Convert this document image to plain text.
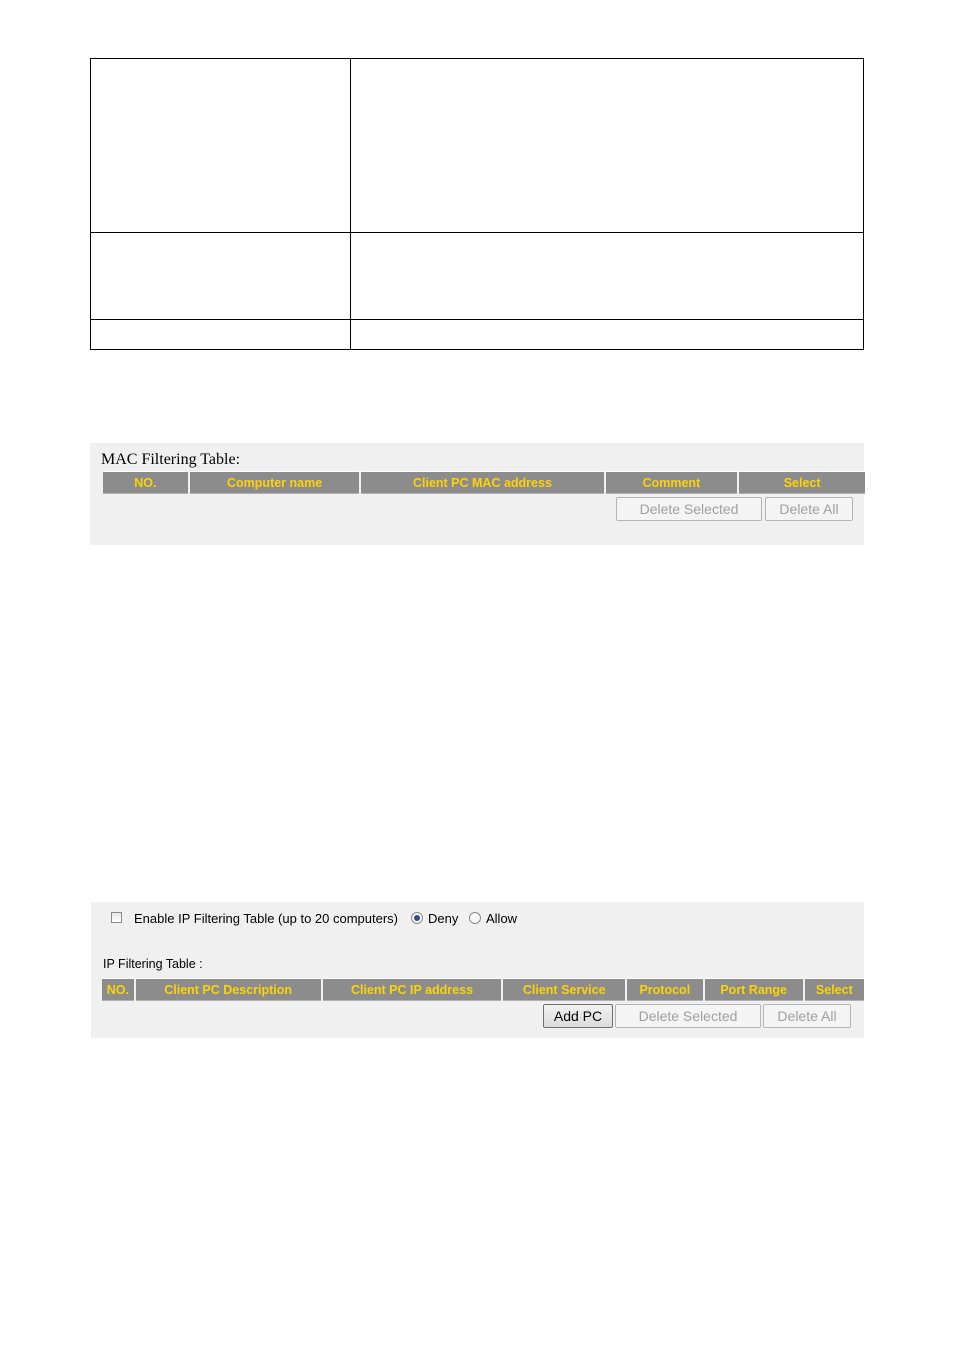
MAC Filtering Table:
NO.	Computer name	Client PC MAC address	Comment	Select
Delete Selected	Delete All
Enable IP Filtering Table (up to 20 computers) Deny Allow
IP Filtering Table :
NO.	Client PC Description	Client PC IP address	Client Service	Protocol	Port Range	Select
Add PC	Delete Selected	Delete All
